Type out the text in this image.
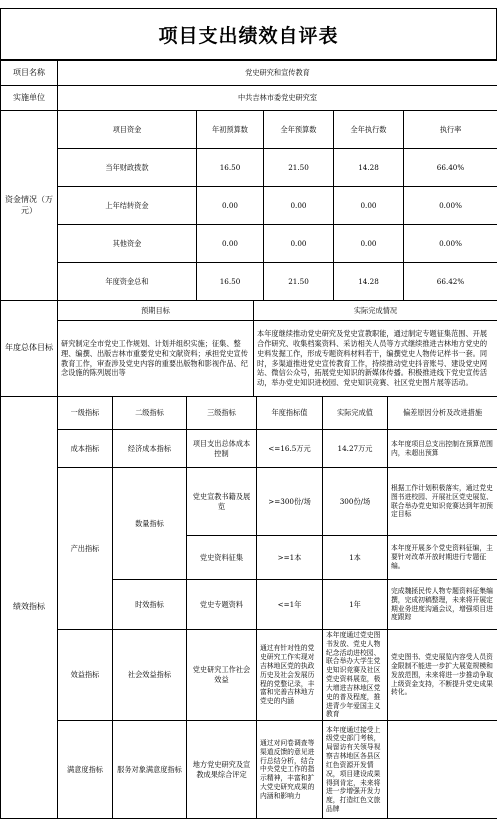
项目支出绩效自评表
项目名称	党史研究和宣传教育
实施单位	中共吉林市委党史研究室
资金情况（万元）	项目资金	年初预算数	全年预算数	全年执行数	执行率
	当年财政拨款	16.50	21.50	14.28	66.40%
	上年结转资金	0.00	0.00	0.00	0.00%
	其他资金	0.00	0.00	0.00	0.00%
	年度资金总和	16.50	21.50	14.28	66.42%
年度总体目标	预期目标	实际完成情况
	研究制定全市党史工作规划、计划并组织实施；征集、整理、编撰、出版吉林市重要党史和文献资料；承担党史宣传教育工作，审查涉及党史内容的重要出版物和影视作品、纪念设施的陈列展出等	本年度继续推动党史研究及党史宣教职能，通过制定专题征集范围、开展合作研究、收集档案资料、采访相关人员等方式继续推进吉林地方党史的史料发掘工作，形成专题资料材料若干，编撰党史人物传记样书一套。同时，多渠道推进党史宣传教育工作，持续推动党史抖音账号、建设党史网站、微信公众号，拓展党史知识的新媒体传播。积极推进线下党史宣传活动，举办党史知识进校园、党史知识竞赛、社区党史图片展等活动。
绩效指标	一级指标	二级指标	三级指标	年度指标值	实际完成值	偏差原因分析及改进措施
	成本指标	经济成本指标	项目支出总体成本控制	<=16.5万元	14.27万元	本年度项目总支出控制在预算范围内，未超出预算
	产出指标	数量指标	党史宣教书籍及展览	>=300份/场	300份/场	根据工作计划积极落实，通过党史图书进校园、开展社区党史展览、联合举办党史知识竞赛达到年初预定目标
			党史资料征集	>=1本	1本	本年度开展多个党史资料征编，主要针对改革开放时期进行专题征编。
		时效指标	党史专题资料	<=1年	1年	完成魏拯民传人物专题资料征集编撰，完成初稿整理，未来将开展定期业务进度沟通会议，增强项目进度跟踪
	效益指标	社会效益指标	党史研究工作社会效益	通过有针对性的党史研究工作实现对吉林地区党的执政历史及社会发展历程的党整记录，丰富和完善吉林地方党史的内涵	本年度通过党史图书发放、党史人物纪念活动进校园、联合举办大学生党史知识竞赛及社区党史资料展览，极大增进吉林地区党史的普及程度，推进青少年爱国主义教育	党史图书、党史展览内容受人员资金限制不能进一步扩大展览规模和发放范围，未来将进一步推动争取上级资金支持，不断提升党史成果转化。
	满意度指标	服务对象满意度指标	地方党史研究及宣教成果综合评定	通过对问卷调查等渠道反馈的意见进行总结分析，结合中央党史工作的指示精神，丰富和扩大党史研究成果的内涵和影响力	本年度通过接受上级党史部门考核，局留访有关领导视察吉林地区各县区红色资源开发情况，项目建设成果得到肯定，未来将进一步增强开发力度，打造红色文旅品牌	
